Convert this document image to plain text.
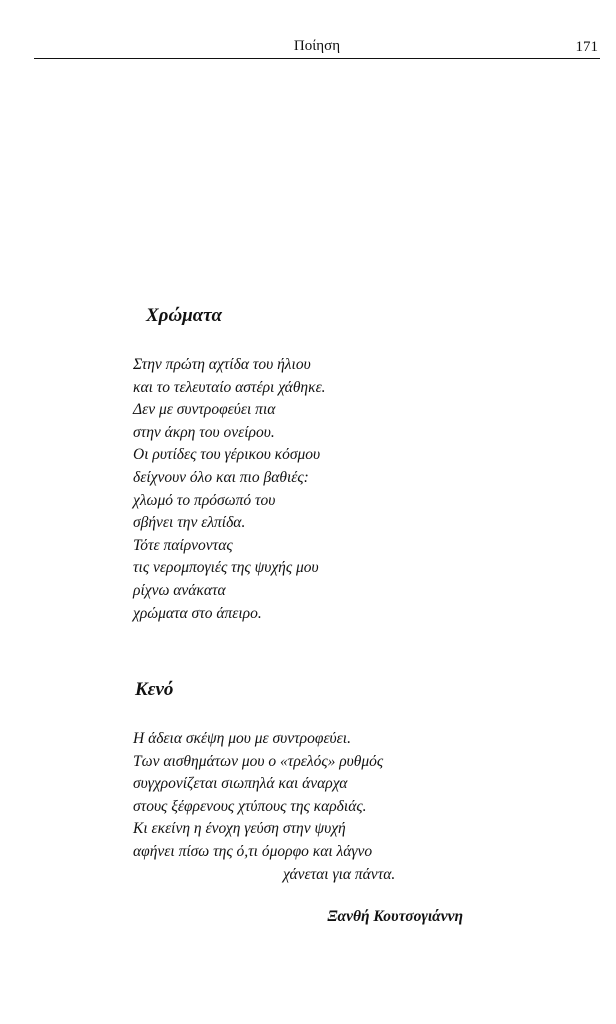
Ποίηση	171
Χρώματα
Στην πρώτη αχτίδα του ήλιου
και το τελευταίο αστέρι χάθηκε.
Δεν με συντροφεύει πια
στην άκρη του ονείρου.
Οι ρυτίδες του γέρικου κόσμου
δείχνουν όλο και πιο βαθιές:
χλωμό το πρόσωπό του
σβήνει την ελπίδα.
Τότε παίρνοντας
τις νερομπογιές της ψυχής μου
ρίχνω ανάκατα
χρώματα στο άπειρο.
Κενό
Η άδεια σκέψη μου με συντροφεύει.
Των αισθημάτων μου ο «τρελός» ρυθμός
συγχρονίζεται σιωπηλά και άναρχα
στους ξέφρενους χτύπους της καρδιάς.
Κι εκείνη η ένοχη γεύση στην ψυχή
αφήνει πίσω της ό,τι όμορφο και λάγνο
χάνεται για πάντα.
Ξανθή Κουτσογιάννη
